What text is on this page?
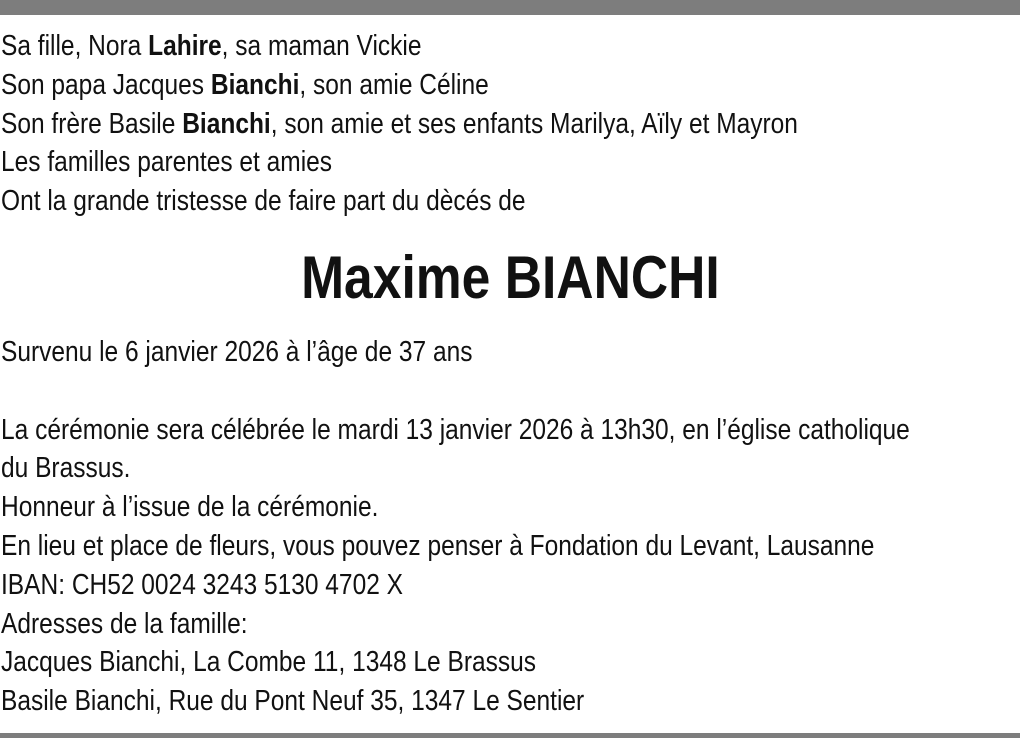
Sa fille, Nora Lahire, sa maman Vickie
Son papa Jacques Bianchi, son amie Céline
Son frère Basile Bianchi, son amie et ses enfants Marilya, Aïly et Mayron
Les familles parentes et amies
Ont la grande tristesse de faire part du dècés de
Maxime BIANCHI
Survenu le 6 janvier 2026 à l’âge de 37 ans
La cérémonie sera célébrée le mardi 13 janvier 2026 à 13h30, en l’église catholique
du Brassus.
Honneur à l’issue de la cérémonie.
En lieu et place de fleurs, vous pouvez penser à Fondation du Levant, Lausanne
IBAN: CH52 0024 3243 5130 4702 X
Adresses de la famille:
Jacques Bianchi, La Combe 11, 1348 Le Brassus
Basile Bianchi, Rue du Pont Neuf 35, 1347 Le Sentier
